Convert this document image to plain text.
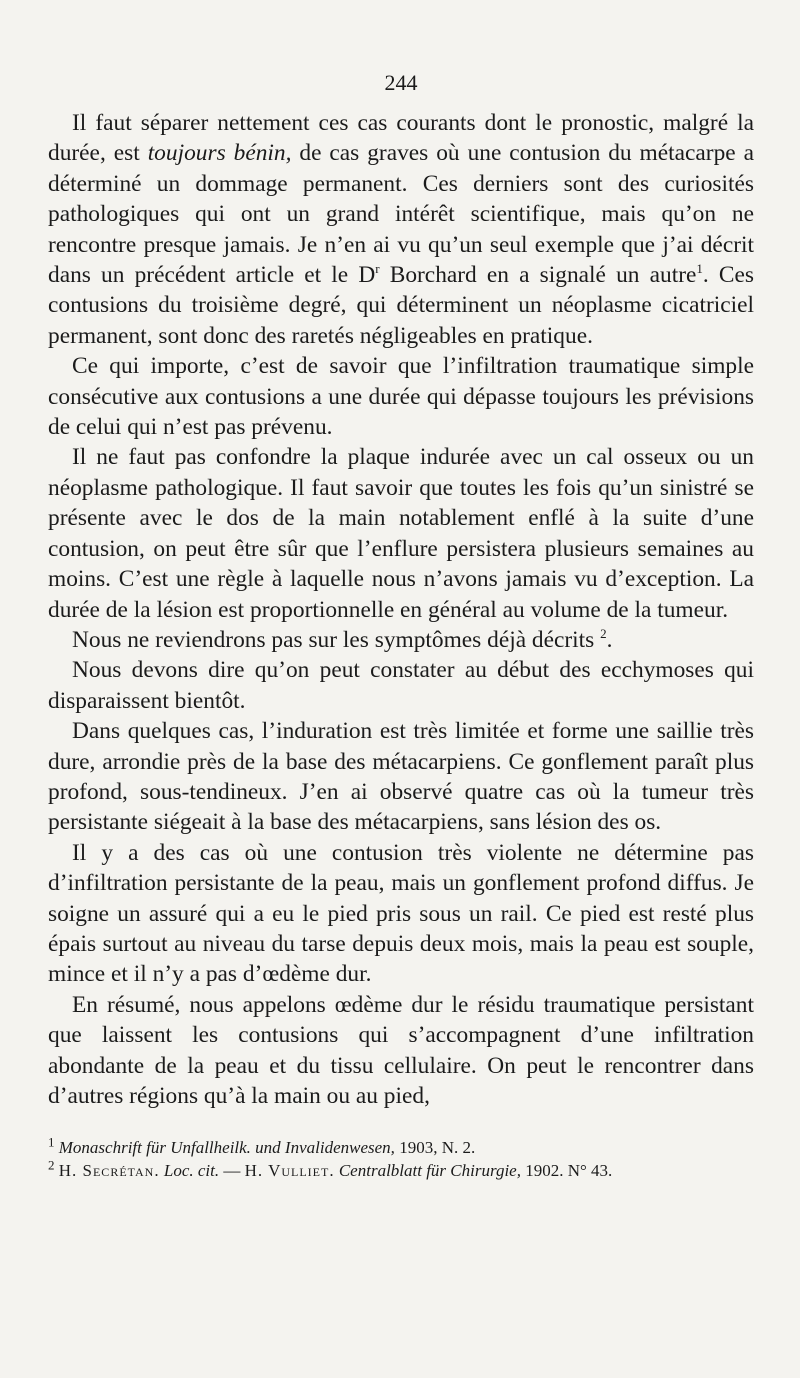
244

Il faut séparer nettement ces cas courants dont le pronostic, malgré la durée, est toujours bénin, de cas graves où une contusion du métacarpe a déterminé un dommage permanent. Ces derniers sont des curiosités pathologiques qui ont un grand intérêt scientifique, mais qu’on ne rencontre presque jamais. Je n’en ai vu qu’un seul exemple que j’ai décrit dans un précédent article et le $D^r$ Borchard en a signalé un autre$^1$. Ces contusions du troisième degré, qui déterminent un néoplasme cicatriciel permanent, sont donc des raretés négligeables en pratique.

Ce qui importe, c’est de savoir que l’infiltration traumatique simple consécutive aux contusions a une durée qui dépasse toujours les prévisions de celui qui n’est pas prévenu.

Il ne faut pas confondre la plaque indurée avec un cal osseux ou un néoplasme pathologique. Il faut savoir que toutes les fois qu’un sinistré se présente avec le dos de la main notablement enflé à la suite d’une contusion, on peut être sûr que l’enflure persistera plusieurs semaines au moins. C’est une règle à laquelle nous n’avons jamais vu d’exception. La durée de la lésion est proportionnelle en général au volume de la tumeur.

Nous ne reviendrons pas sur les symptômes déjà décrits $^2$.

Nous devons dire qu’on peut constater au début des ecchymoses qui disparaissent bientôt.

Dans quelques cas, l’induration est très limitée et forme une saillie très dure, arrondie près de la base des métacarpiens. Ce gonflement paraît plus profond, sous-tendineux. J’en ai observé quatre cas où la tumeur très persistante siégeait à la base des métacarpiens, sans lésion des os.

Il y a des cas où une contusion très violente ne détermine pas d’infiltration persistante de la peau, mais un gonflement profond diffus. Je soigne un assuré qui a eu le pied pris sous un rail. Ce pied est resté plus épais surtout au niveau du tarse depuis deux mois, mais la peau est souple, mince et il n’y a pas d’œdème dur.

En résumé, nous appelons œdème dur le résidu traumatique persistant que laissent les contusions qui s’accompagnent d’une infiltration abondante de la peau et du tissu cellulaire. On peut le rencontrer dans d’autres régions qu’à la main ou au pied,

$^1$ Monaschrift für Unfallheilk. und Invalidenwesen, 1903, N. 2.

$^2$ H. Secrétan. Loc. cit. — H. Vulliet. Centralblatt für Chirurgie, 1902. N° 43.
